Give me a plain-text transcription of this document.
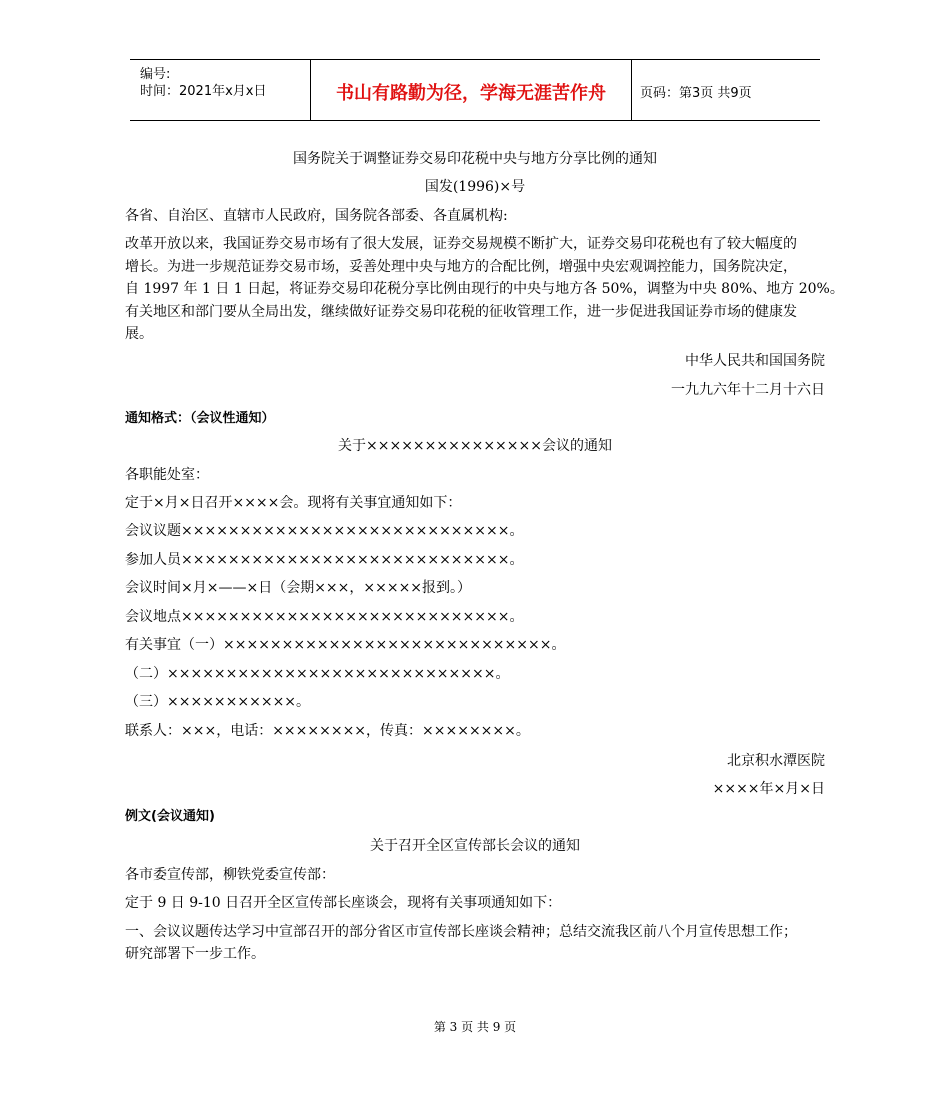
编号:
时间：2021年x月x日	书山有路勤为径，学海无涯苦作舟	页码：第3页 共9页
国务院关于调整证券交易印花税中央与地方分享比例的通知
国发(1996)×号
各省、自治区、直辖市人民政府，国务院各部委、各直属机构:
改革开放以来，我国证券交易市场有了很大发展，证券交易规模不断扩大，证券交易印花税也有了较大幅度的
增长。为进一步规范证券交易市场，妥善处理中央与地方的合配比例，增强中央宏观调控能力，国务院决定，
自 1997 年 1 日 1 日起，将证券交易印花税分享比例由现行的中央与地方各 50%，调整为中央 80%、地方 20%。
有关地区和部门要从全局出发，继续做好证券交易印花税的征收管理工作，进一步促进我国证券市场的健康发
展。
中华人民共和国国务院
一九九六年十二月十六日
通知格式：（会议性通知）
关于×××××××××××××××会议的通知
各职能处室：
定于×月×日召开××××会。现将有关事宜通知如下：
会议议题××××××××××××××××××××××××××××。
参加人员××××××××××××××××××××××××××××。
会议时间×月×——×日（会期×××，×××××报到。）
会议地点××××××××××××××××××××××××××××。
有关事宜（一）××××××××××××××××××××××××××××。
（二）××××××××××××××××××××××××××××。
（三）×××××××××××。
联系人：×××，电话：××××××××，传真：××××××××。
北京积水潭医院
××××年×月×日
例文(会议通知)
关于召开全区宣传部长会议的通知
各市委宣传部，柳铁党委宣传部：
定于 9 日 9-10 日召开全区宣传部长座谈会，现将有关事项通知如下：
一、会议议题传达学习中宣部召开的部分省区市宣传部长座谈会精神；总结交流我区前八个月宣传思想工作；
研究部署下一步工作。
第 3 页 共 9 页
